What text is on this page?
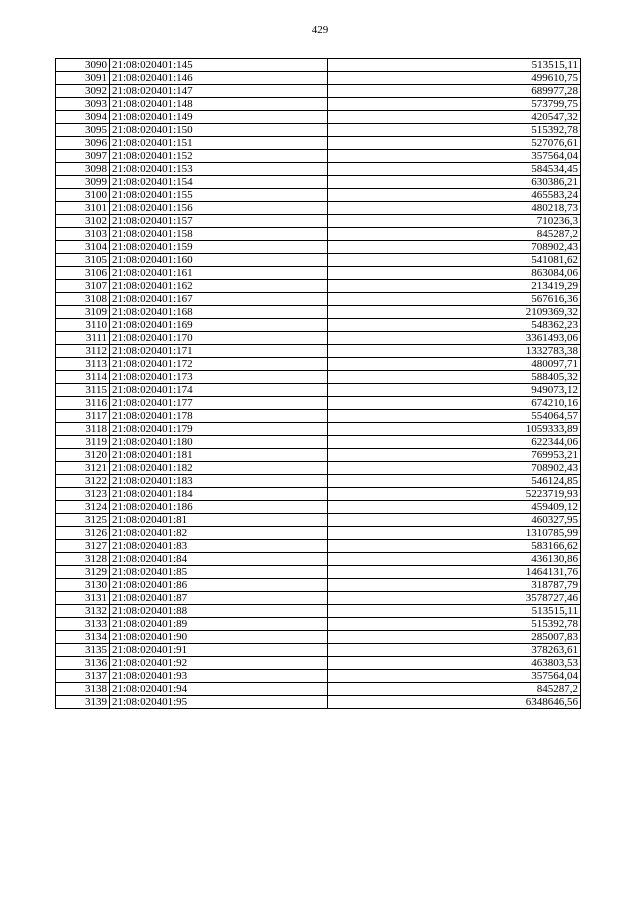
429
3090	21:08:020401:145	513515,11
3091	21:08:020401:146	499610,75
3092	21:08:020401:147	689977,28
3093	21:08:020401:148	573799,75
3094	21:08:020401:149	420547,32
3095	21:08:020401:150	515392,78
3096	21:08:020401:151	527076,61
3097	21:08:020401:152	357564,04
3098	21:08:020401:153	584534,45
3099	21:08:020401:154	630386,21
3100	21:08:020401:155	465583,24
3101	21:08:020401:156	480218,73
3102	21:08:020401:157	710236,3
3103	21:08:020401:158	845287,2
3104	21:08:020401:159	708902,43
3105	21:08:020401:160	541081,62
3106	21:08:020401:161	863084,06
3107	21:08:020401:162	213419,29
3108	21:08:020401:167	567616,36
3109	21:08:020401:168	2109369,32
3110	21:08:020401:169	548362,23
3111	21:08:020401:170	3361493,06
3112	21:08:020401:171	1332783,38
3113	21:08:020401:172	480097,71
3114	21:08:020401:173	588405,32
3115	21:08:020401:174	949073,12
3116	21:08:020401:177	674210,16
3117	21:08:020401:178	554064,57
3118	21:08:020401:179	1059333,89
3119	21:08:020401:180	622344,06
3120	21:08:020401:181	769953,21
3121	21:08:020401:182	708902,43
3122	21:08:020401:183	546124,85
3123	21:08:020401:184	5223719,93
3124	21:08:020401:186	459409,12
3125	21:08:020401:81	460327,95
3126	21:08:020401:82	1310785,99
3127	21:08:020401:83	583166,62
3128	21:08:020401:84	436130,86
3129	21:08:020401:85	1464131,76
3130	21:08:020401:86	318787,79
3131	21:08:020401:87	3578727,46
3132	21:08:020401:88	513515,11
3133	21:08:020401:89	515392,78
3134	21:08:020401:90	285007,83
3135	21:08:020401:91	378263,61
3136	21:08:020401:92	463803,53
3137	21:08:020401:93	357564,04
3138	21:08:020401:94	845287,2
3139	21:08:020401:95	6348646,56
